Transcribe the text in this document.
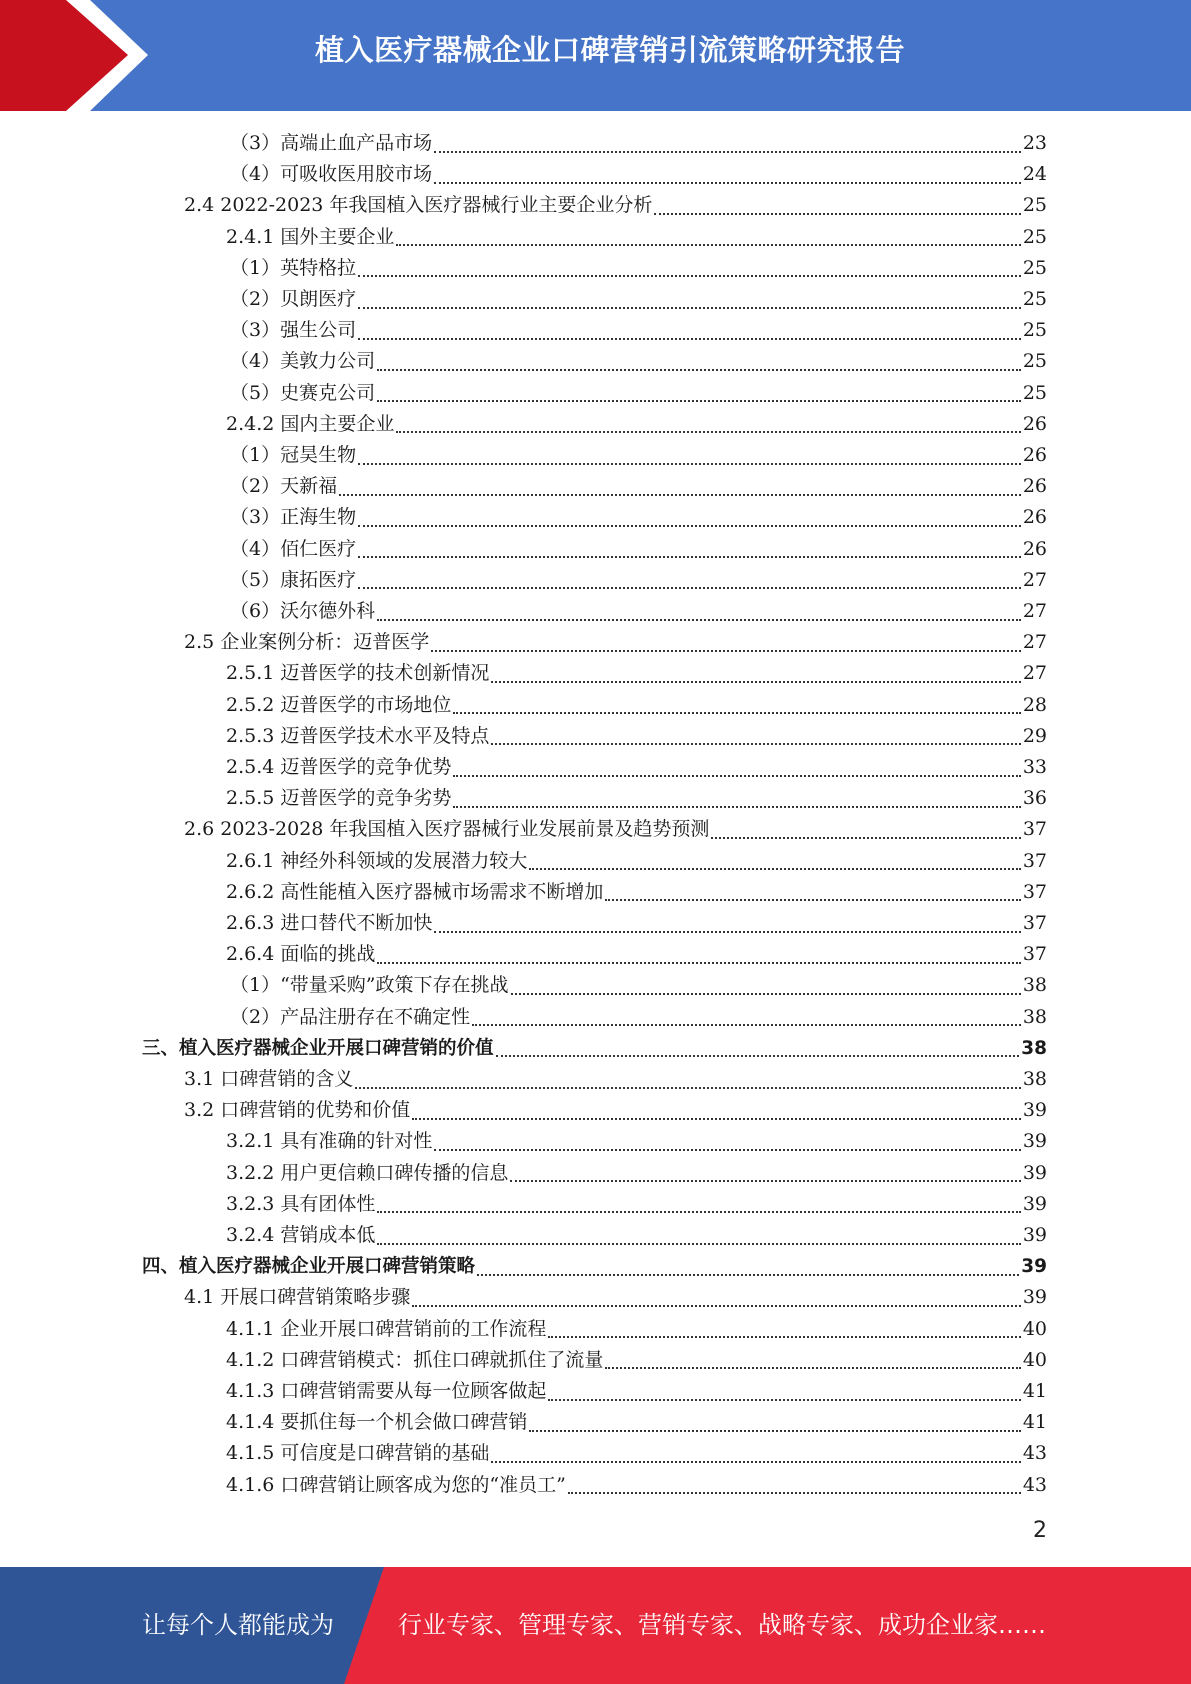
植入医疗器械企业口碑营销引流策略研究报告
（3）高端止血产品市场	23
（4）可吸收医用胶市场	24
2.4 2022-2023 年我国植入医疗器械行业主要企业分析	25
2.4.1 国外主要企业	25
（1）英特格拉	25
（2）贝朗医疗	25
（3）强生公司	25
（4）美敦力公司	25
（5）史赛克公司	25
2.4.2 国内主要企业	26
（1）冠昊生物	26
（2）天新福	26
（3）正海生物	26
（4）佰仁医疗	26
（5）康拓医疗	27
（6）沃尔德外科	27
2.5 企业案例分析：迈普医学	27
2.5.1 迈普医学的技术创新情况	27
2.5.2 迈普医学的市场地位	28
2.5.3 迈普医学技术水平及特点	29
2.5.4 迈普医学的竞争优势	33
2.5.5 迈普医学的竞争劣势	36
2.6 2023-2028 年我国植入医疗器械行业发展前景及趋势预测	37
2.6.1 神经外科领域的发展潜力较大	37
2.6.2 高性能植入医疗器械市场需求不断增加	37
2.6.3 进口替代不断加快	37
2.6.4 面临的挑战	37
（1）“带量采购”政策下存在挑战	38
（2）产品注册存在不确定性	38
三、植入医疗器械企业开展口碑营销的价值	38
3.1 口碑营销的含义	38
3.2 口碑营销的优势和价值	39
3.2.1 具有准确的针对性	39
3.2.2 用户更信赖口碑传播的信息	39
3.2.3 具有团体性	39
3.2.4 营销成本低	39
四、植入医疗器械企业开展口碑营销策略	39
4.1 开展口碑营销策略步骤	39
4.1.1 企业开展口碑营销前的工作流程	40
4.1.2 口碑营销模式：抓住口碑就抓住了流量	40
4.1.3 口碑营销需要从每一位顾客做起	41
4.1.4 要抓住每一个机会做口碑营销	41
4.1.5 可信度是口碑营销的基础	43
4.1.6 口碑营销让顾客成为您的“准员工”	43
2
让每个人都能成为	行业专家、管理专家、营销专家、战略专家、成功企业家……
